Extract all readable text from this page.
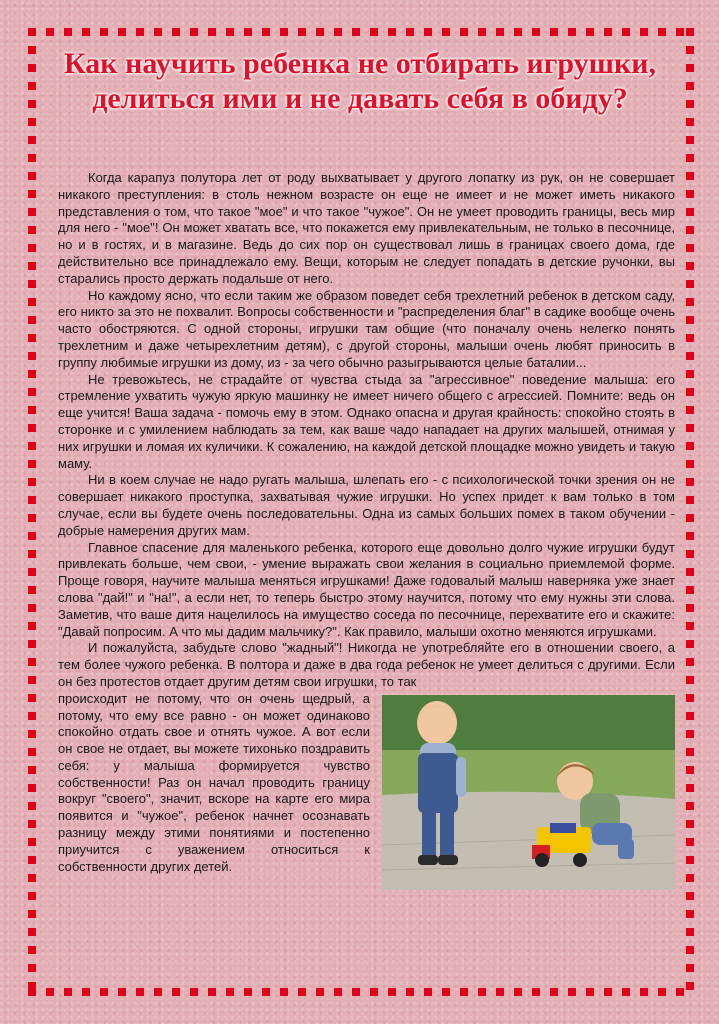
Как научить ребенка не отбирать игрушки, делиться ими и не давать себя в обиду?

Когда карапуз полутора лет от роду выхватывает у другого лопатку из рук, он не совершает никакого преступления: в столь нежном возрасте он еще не имеет и не может иметь никакого представления о том, что такое "мое" и что такое "чужое". Он не умеет проводить границы, весь мир для него - "мое"! Он может хватать все, что покажется ему привлекательным, не только в песочнице, но и в гостях, и в магазине. Ведь до сих пор он существовал лишь в границах своего дома, где действительно все принадлежало ему. Вещи, которым не следует попадать в детские ручонки, вы старались просто держать подальше от него.

Но каждому ясно, что если таким же образом поведет себя трехлетний ребенок в детском саду, его никто за это не похвалит. Вопросы собственности и "распределения благ" в садике вообще очень часто обостряются. С одной стороны, игрушки там общие (что поначалу очень нелегко понять трехлетним и даже четырехлетним детям), с другой стороны, малыши очень любят приносить в группу любимые игрушки из дому, из - за чего обычно разыгрываются целые баталии...

Не тревожьтесь, не страдайте от чувства стыда за "агрессивное" поведение малыша: его стремление ухватить чужую яркую машинку не имеет ничего общего с агрессией. Помните: ведь он еще учится! Ваша задача - помочь ему в этом. Однако опасна и другая крайность: спокойно стоять в сторонке и с умилением наблюдать за тем, как ваше чадо нападает на других малышей, отнимая у них игрушки и ломая их куличики. К сожалению, на каждой детской площадке можно увидеть и такую маму.

Ни в коем случае не надо ругать малыша, шлепать его - с психологической точки зрения он не совершает никакого проступка, захватывая чужие игрушки. Но успех придет к вам только в том случае, если вы будете очень последовательны. Одна из самых больших помех в таком обучении - добрые намерения других мам.

Главное спасение для маленького ребенка, которого еще довольно долго чужие игрушки будут привлекать больше, чем свои, - умение выражать свои желания в социально приемлемой форме. Проще говоря, научите малыша меняться игрушками! Даже годовалый малыш наверняка уже знает слова "дай!" и "на!", а если нет, то теперь быстро этому научится, потому что ему нужны эти слова. Заметив, что ваше дитя нацелилось на имущество соседа по песочнице, перехватите его и скажите: "Давай попросим. А что мы дадим мальчику?". Как правило, малыши охотно меняются игрушками.

И пожалуйста, забудьте слово "жадный"! Никогда не употребляйте его в отношении своего, а тем более чужого ребенка. В полтора и даже в два года ребенок не умеет делиться с другими. Если он без протестов отдает другим детям свои игрушки, то так

происходит не потому, что он очень щедрый, а потому, что ему все равно - он может одинаково спокойно отдать свое и отнять чужое. А вот если он свое не отдает, вы можете тихонько поздравить себя: у малыша формируется чувство собственности! Раз он начал проводить границу вокруг "своего", значит, вскоре на карте его мира появится и "чужое", ребенок начнет осознавать разницу между этими понятиями и постепенно приучится с уважением относиться к собственности других детей.
